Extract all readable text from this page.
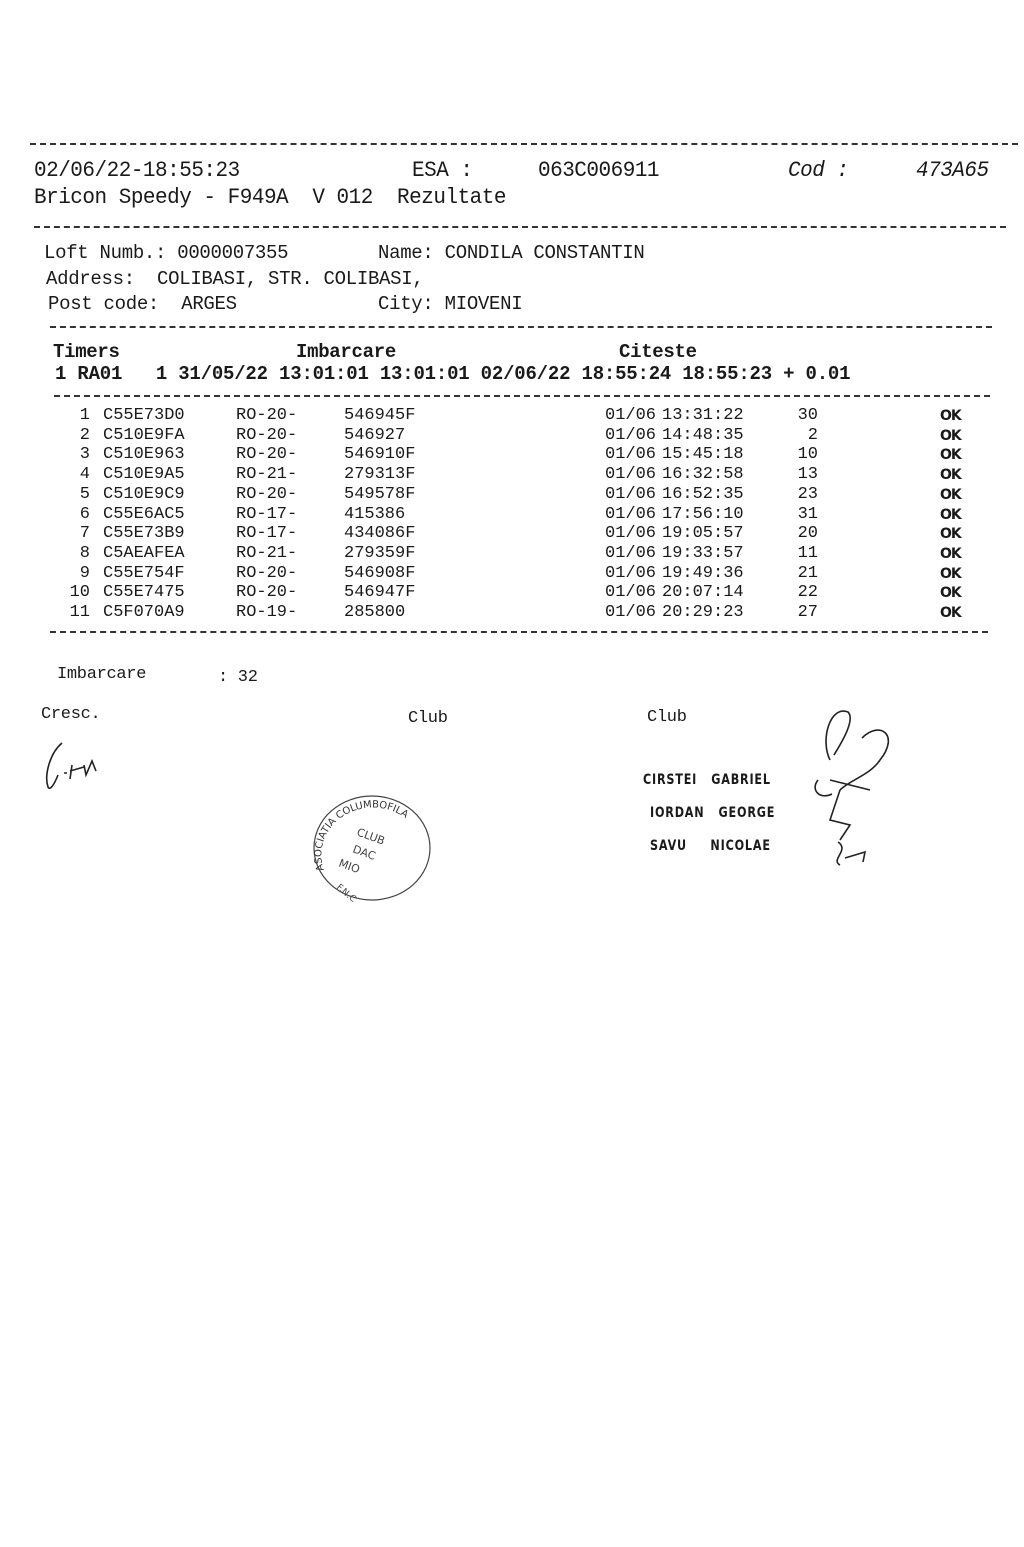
02/06/22-18:55:23	ESA :	063C006911	Cod :	473A65
Bricon Speedy - F949A  V 012  Rezultate
Loft Numb.: 0000007355	Name: CONDILA CONSTANTIN
Address:  COLIBASI, STR. COLIBASI,
Post code:  ARGES	City: MIOVENI
Timers	Imbarcare	Citeste
1 RA01   1 31/05/22 13:01:01 13:01:01 02/06/22 18:55:24 18:55:23 + 0.01
1 C55E73D0	RO-20-	546945F	01/06 13:31:22	30	OK
2 C510E9FA	RO-20-	546927	01/06 14:48:35	2	OK
3 C510E963	RO-20-	546910F	01/06 15:45:18	10	OK
4 C510E9A5	RO-21-	279313F	01/06 16:32:58	13	OK
5 C510E9C9	RO-20-	549578F	01/06 16:52:35	23	OK
6 C55E6AC5	RO-17-	415386	01/06 17:56:10	31	OK
7 C55E73B9	RO-17-	434086F	01/06 19:05:57	20	OK
8 C5AEAFEA	RO-21-	279359F	01/06 19:33:57	11	OK
9 C55E754F	RO-20-	546908F	01/06 19:49:36	21	OK
10 C55E7475	RO-20-	546947F	01/06 20:07:14	22	OK
11 C5F070A9	RO-19-	285800	01/06 20:29:23	27	OK
Imbarcare	: 32
Cresc.	Club	Club
ASOCIATIA COLUMBOFILA
CLUB
DAC
MIO
F.N.C
CIRSTEI   GABRIEL
IORDAN   GEORGE
SAVU     NICOLAE
